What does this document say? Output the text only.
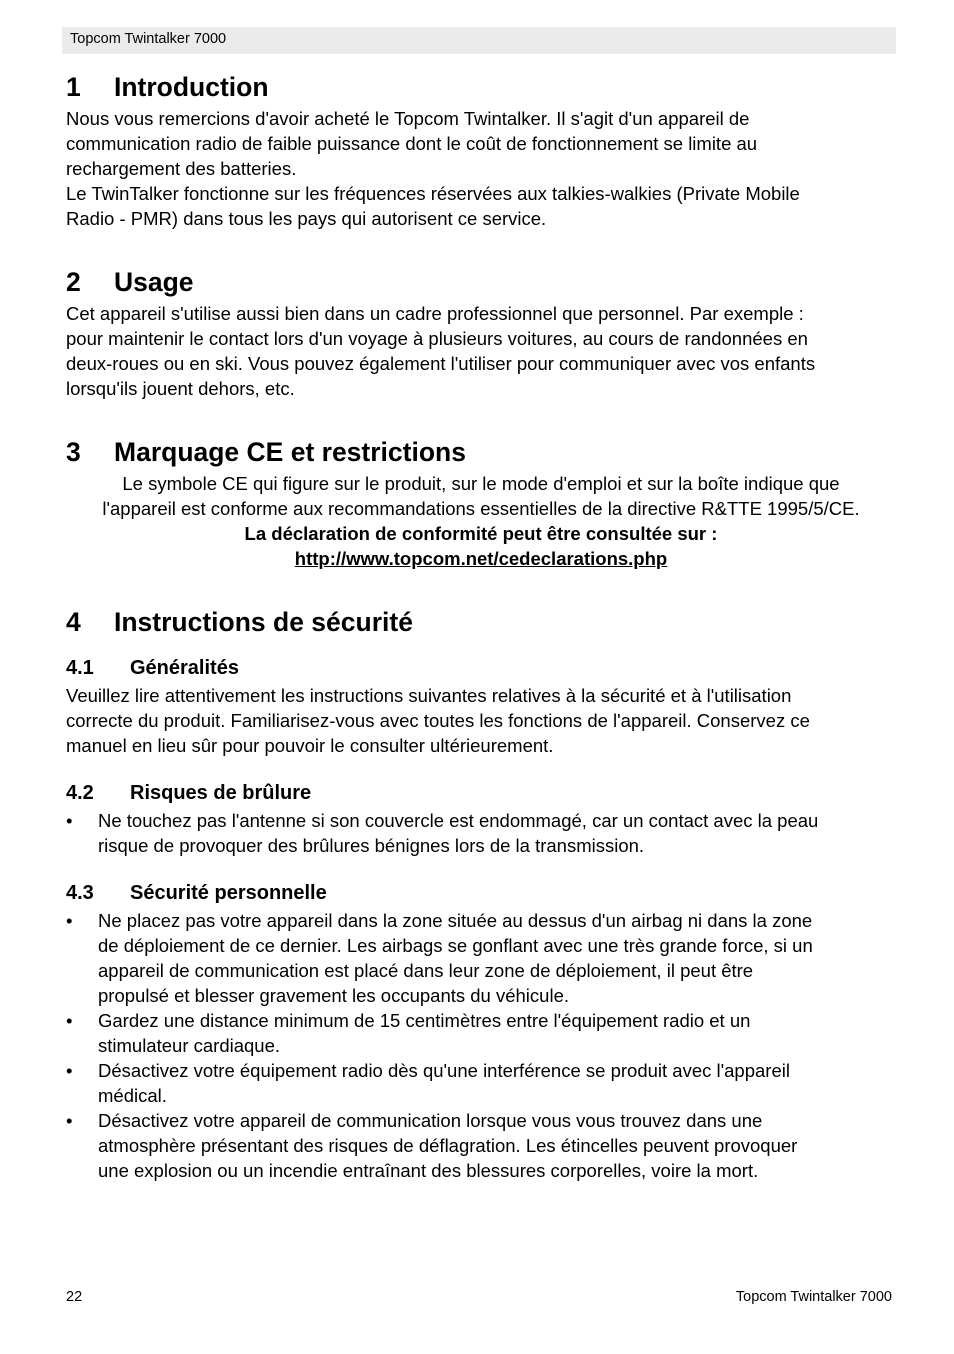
Topcom Twintalker 7000
1 Introduction

Nous vous remercions d'avoir acheté le Topcom Twintalker. Il s'agit d'un appareil de
communication radio de faible puissance dont le coût de fonctionnement se limite au
rechargement des batteries.
Le TwinTalker fonctionne sur les fréquences réservées aux talkies-walkies (Private Mobile
Radio - PMR) dans tous les pays qui autorisent ce service.

2 Usage

Cet appareil s'utilise aussi bien dans un cadre professionnel que personnel. Par exemple :
pour maintenir le contact lors d'un voyage à plusieurs voitures, au cours de randonnées en
deux-roues ou en ski. Vous pouvez également l'utiliser pour communiquer avec vos enfants
lorsqu'ils jouent dehors, etc.

3 Marquage CE et restrictions

Le symbole CE qui figure sur le produit, sur le mode d'emploi et sur la boîte indique que
l'appareil est conforme aux recommandations essentielles de la directive R&TTE 1995/5/CE.
La déclaration de conformité peut être consultée sur :
http://www.topcom.net/cedeclarations.php

4 Instructions de sécurité
4.1 Généralités

Veuillez lire attentivement les instructions suivantes relatives à la sécurité et à l'utilisation
correcte du produit. Familiarisez-vous avec toutes les fonctions de l'appareil. Conservez ce
manuel en lieu sûr pour pouvoir le consulter ultérieurement.

4.2 Risques de brûlure
• Ne touchez pas l'antenne si son couvercle est endommagé, car un contact avec la peau
risque de provoquer des brûlures bénignes lors de la transmission.
4.3 Sécurité personnelle
• Ne placez pas votre appareil dans la zone située au dessus d'un airbag ni dans la zone
de déploiement de ce dernier. Les airbags se gonflant avec une très grande force, si un
appareil de communication est placé dans leur zone de déploiement, il peut être
propulsé et blesser gravement les occupants du véhicule.
• Gardez une distance minimum de 15 centimètres entre l'équipement radio et un
stimulateur cardiaque.
• Désactivez votre équipement radio dès qu'une interférence se produit avec l'appareil
médical.
• Désactivez votre appareil de communication lorsque vous vous trouvez dans une
atmosphère présentant des risques de déflagration. Les étincelles peuvent provoquer
une explosion ou un incendie entraînant des blessures corporelles, voire la mort.
22	Topcom Twintalker 7000
